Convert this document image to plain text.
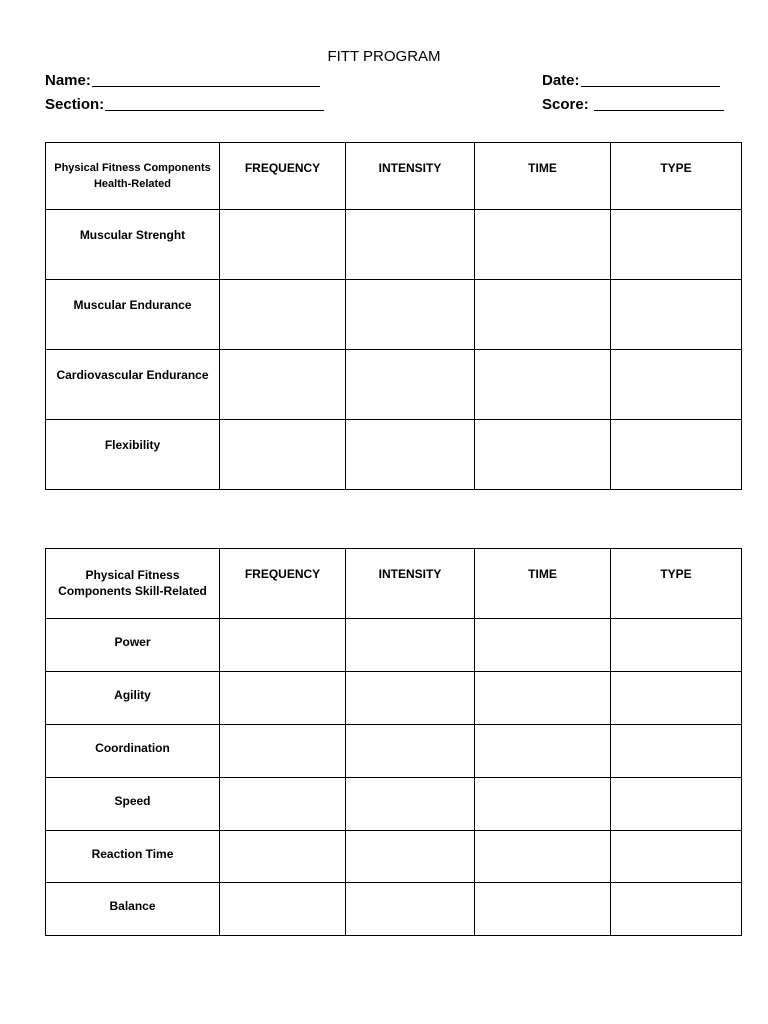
FITT PROGRAM
Name:
Section:
Date:
Score:
Physical Fitness Components
Health-Related	FREQUENCY	INTENSITY	TIME	TYPE

Muscular Strenght				

Muscular Endurance				

Cardiovascular Endurance				

Flexibility				

Physical Fitness
Components Skill-Related	FREQUENCY	INTENSITY	TIME	TYPE

Power				

Agility				

Coordination				

Speed				

Reaction Time				

Balance				
